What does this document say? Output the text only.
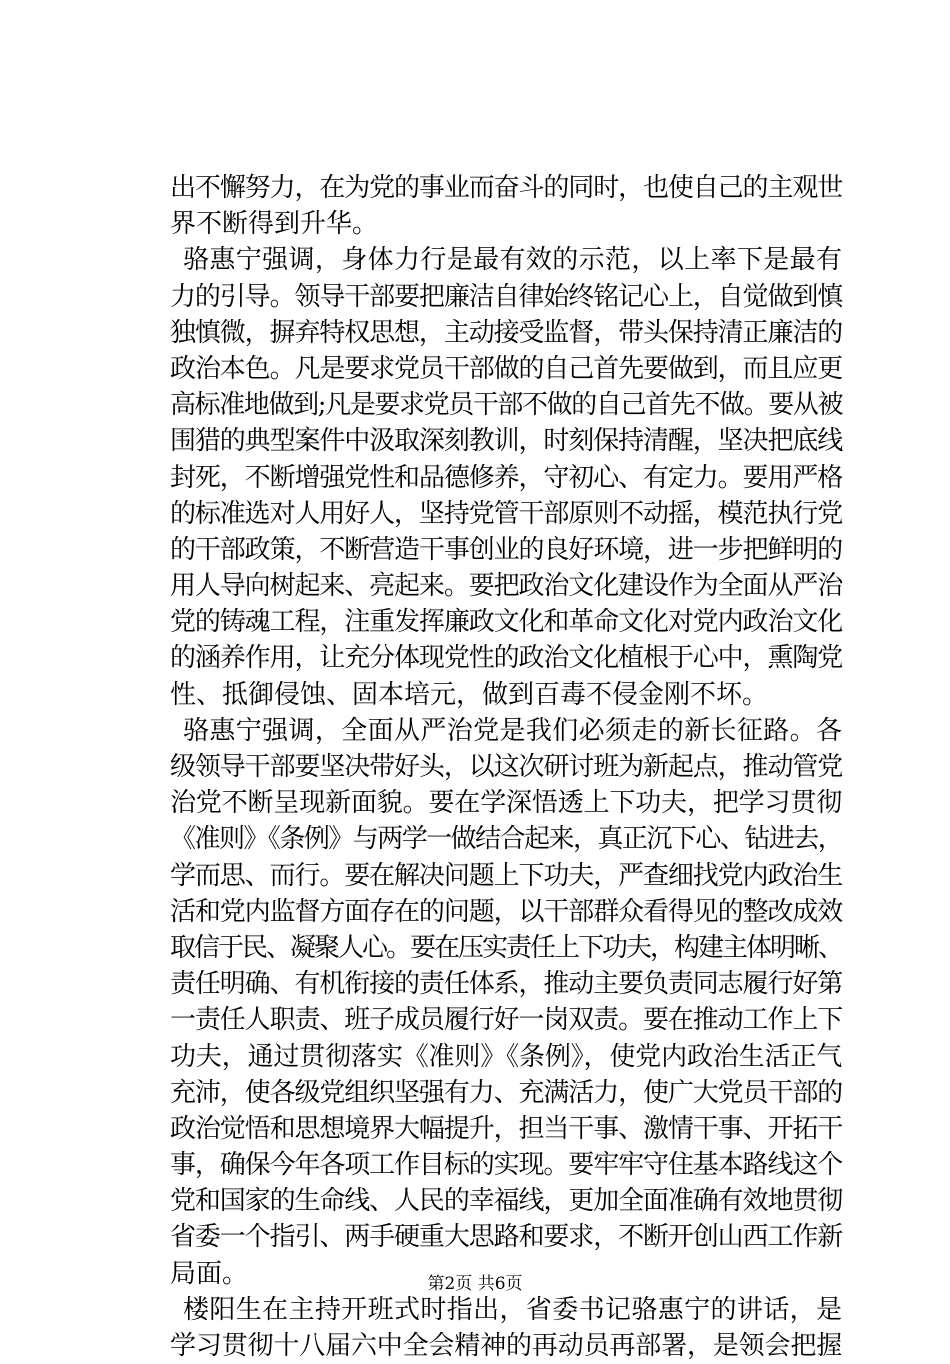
出不懈努力，在为党的事业而奋斗的同时，也使自己的主观世
界不断得到升华。
骆惠宁强调，身体力行是最有效的示范，以上率下是最有
力的引导。领导干部要把廉洁自律始终铭记心上，自觉做到慎
独慎微，摒弃特权思想，主动接受监督，带头保持清正廉洁的
政治本色。凡是要求党员干部做的自己首先要做到，而且应更
高标准地做到;凡是要求党员干部不做的自己首先不做。要从被
围猎的典型案件中汲取深刻教训，时刻保持清醒，坚决把底线
封死，不断增强党性和品德修养，守初心、有定力。要用严格
的标准选对人用好人，坚持党管干部原则不动摇，模范执行党
的干部政策，不断营造干事创业的良好环境，进一步把鲜明的
用人导向树起来、亮起来。要把政治文化建设作为全面从严治
党的铸魂工程，注重发挥廉政文化和革命文化对党内政治文化
的涵养作用，让充分体现党性的政治文化植根于心中，熏陶党
性、抵御侵蚀、固本培元，做到百毒不侵金刚不坏。
骆惠宁强调，全面从严治党是我们必须走的新长征路。各
级领导干部要坚决带好头，以这次研讨班为新起点，推动管党
治党不断呈现新面貌。要在学深悟透上下功夫，把学习贯彻
《准则》《条例》与两学一做结合起来，真正沉下心、钻进去，
学而思、而行。要在解决问题上下功夫，严查细找党内政治生
活和党内监督方面存在的问题，以干部群众看得见的整改成效
取信于民、凝聚人心。要在压实责任上下功夫，构建主体明晰、
责任明确、有机衔接的责任体系，推动主要负责同志履行好第
一责任人职责、班子成员履行好一岗双责。要在推动工作上下
功夫，通过贯彻落实《准则》《条例》，使党内政治生活正气
充沛，使各级党组织坚强有力、充满活力，使广大党员干部的
政治觉悟和思想境界大幅提升，担当干事、激情干事、开拓干
事，确保今年各项工作目标的实现。要牢牢守住基本路线这个
党和国家的生命线、人民的幸福线，更加全面准确有效地贯彻
省委一个指引、两手硬重大思路和要求，不断开创山西工作新
局面。
楼阳生在主持开班式时指出，省委书记骆惠宁的讲话，是
学习贯彻十八届六中全会精神的再动员再部署，是领会把握
第2页 共6页
